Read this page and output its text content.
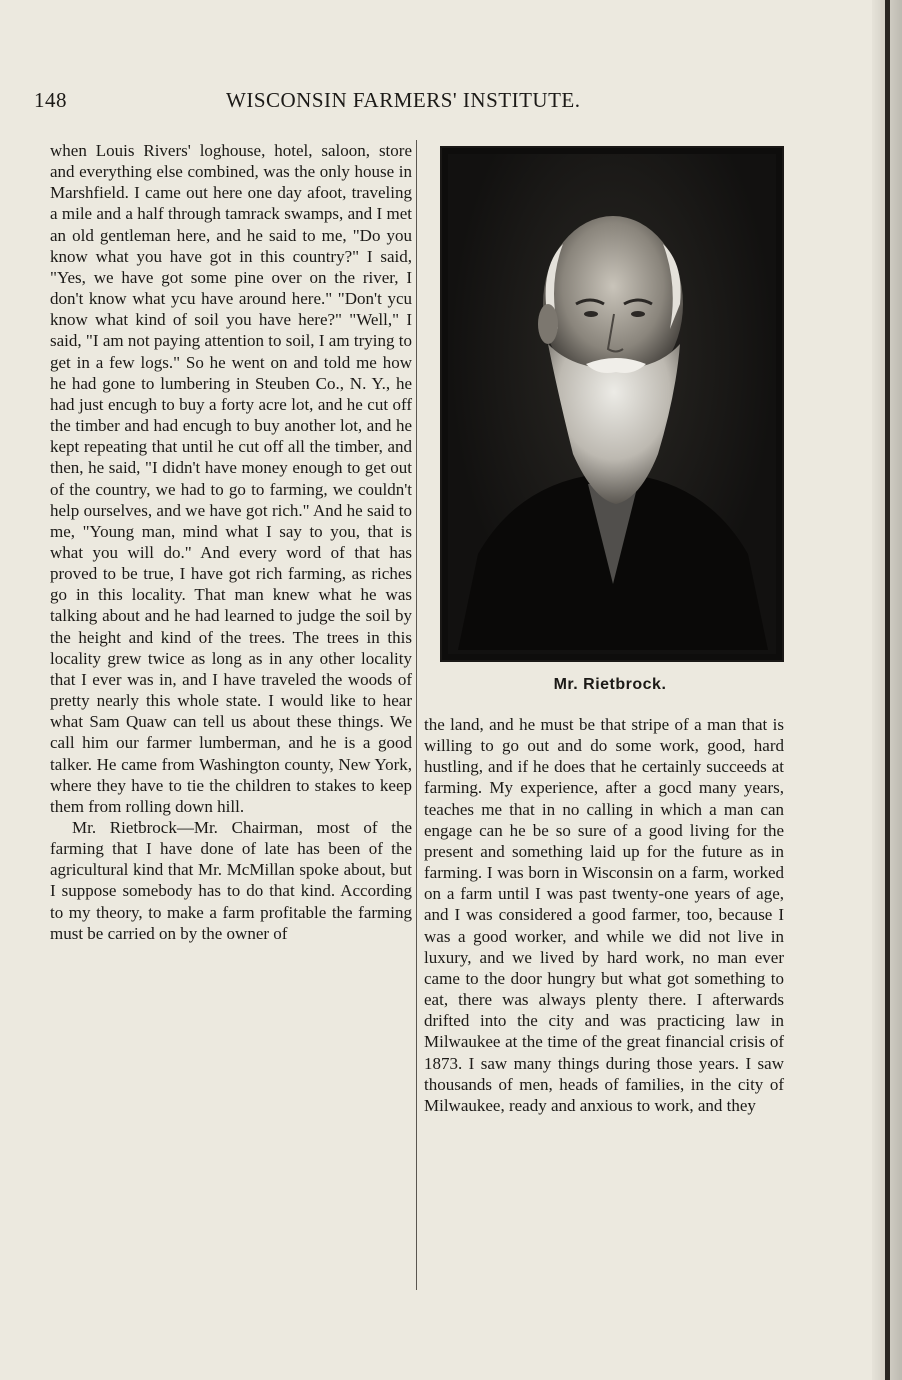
148	WISCONSIN FARMERS' INSTITUTE.

when Louis Rivers' loghouse, hotel, saloon, store and everything else combined, was the only house in Marshfield. I came out here one day afoot, traveling a mile and a half through tamrack swamps, and I met an old gentleman here, and he said to me, "Do you know what you have got in this country?" I said, "Yes, we have got some pine over on the river, I don't know what ycu have around here." "Don't ycu know what kind of soil you have here?" "Well," I said, "I am not paying attention to soil, I am trying to get in a few logs." So he went on and told me how he had gone to lumbering in Steuben Co., N. Y., he had just encugh to buy a forty acre lot, and he cut off the timber and had encugh to buy another lot, and he kept repeating that until he cut off all the timber, and then, he said, "I didn't have money enough to get out of the country, we had to go to farming, we couldn't help ourselves, and we have got rich." And he said to me, "Young man, mind what I say to you, that is what you will do." And every word of that has proved to be true, I have got rich farming, as riches go in this locality. That man knew what he was talking about and he had learned to judge the soil by the height and kind of the trees. The trees in this locality grew twice as long as in any other locality that I ever was in, and I have traveled the woods of pretty nearly this whole state. I would like to hear what Sam Quaw can tell us about these things. We call him our farmer lumberman, and he is a good talker. He came from Washington county, New York, where they have to tie the children to stakes to keep them from rolling down hill.

Mr. Rietbrock—Mr. Chairman, most of the farming that I have done of late has been of the agricultural kind that Mr. McMillan spoke about, but I suppose somebody has to do that kind. According to my theory, to make a farm profitable the farming must be carried on by the owner of

Mr. Rietbrock.

the land, and he must be that stripe of a man that is willing to go out and do some work, good, hard hustling, and if he does that he certainly succeeds at farming. My experience, after a gocd many years, teaches me that in no calling in which a man can engage can he be so sure of a good living for the present and something laid up for the future as in farming. I was born in Wisconsin on a farm, worked on a farm until I was past twenty-one years of age, and I was considered a good farmer, too, because I was a good worker, and while we did not live in luxury, and we lived by hard work, no man ever came to the door hungry but what got something to eat, there was always plenty there. I afterwards drifted into the city and was practicing law in Milwaukee at the time of the great financial crisis of 1873. I saw many things during those years. I saw thousands of men, heads of families, in the city of Milwaukee, ready and anxious to work, and they
